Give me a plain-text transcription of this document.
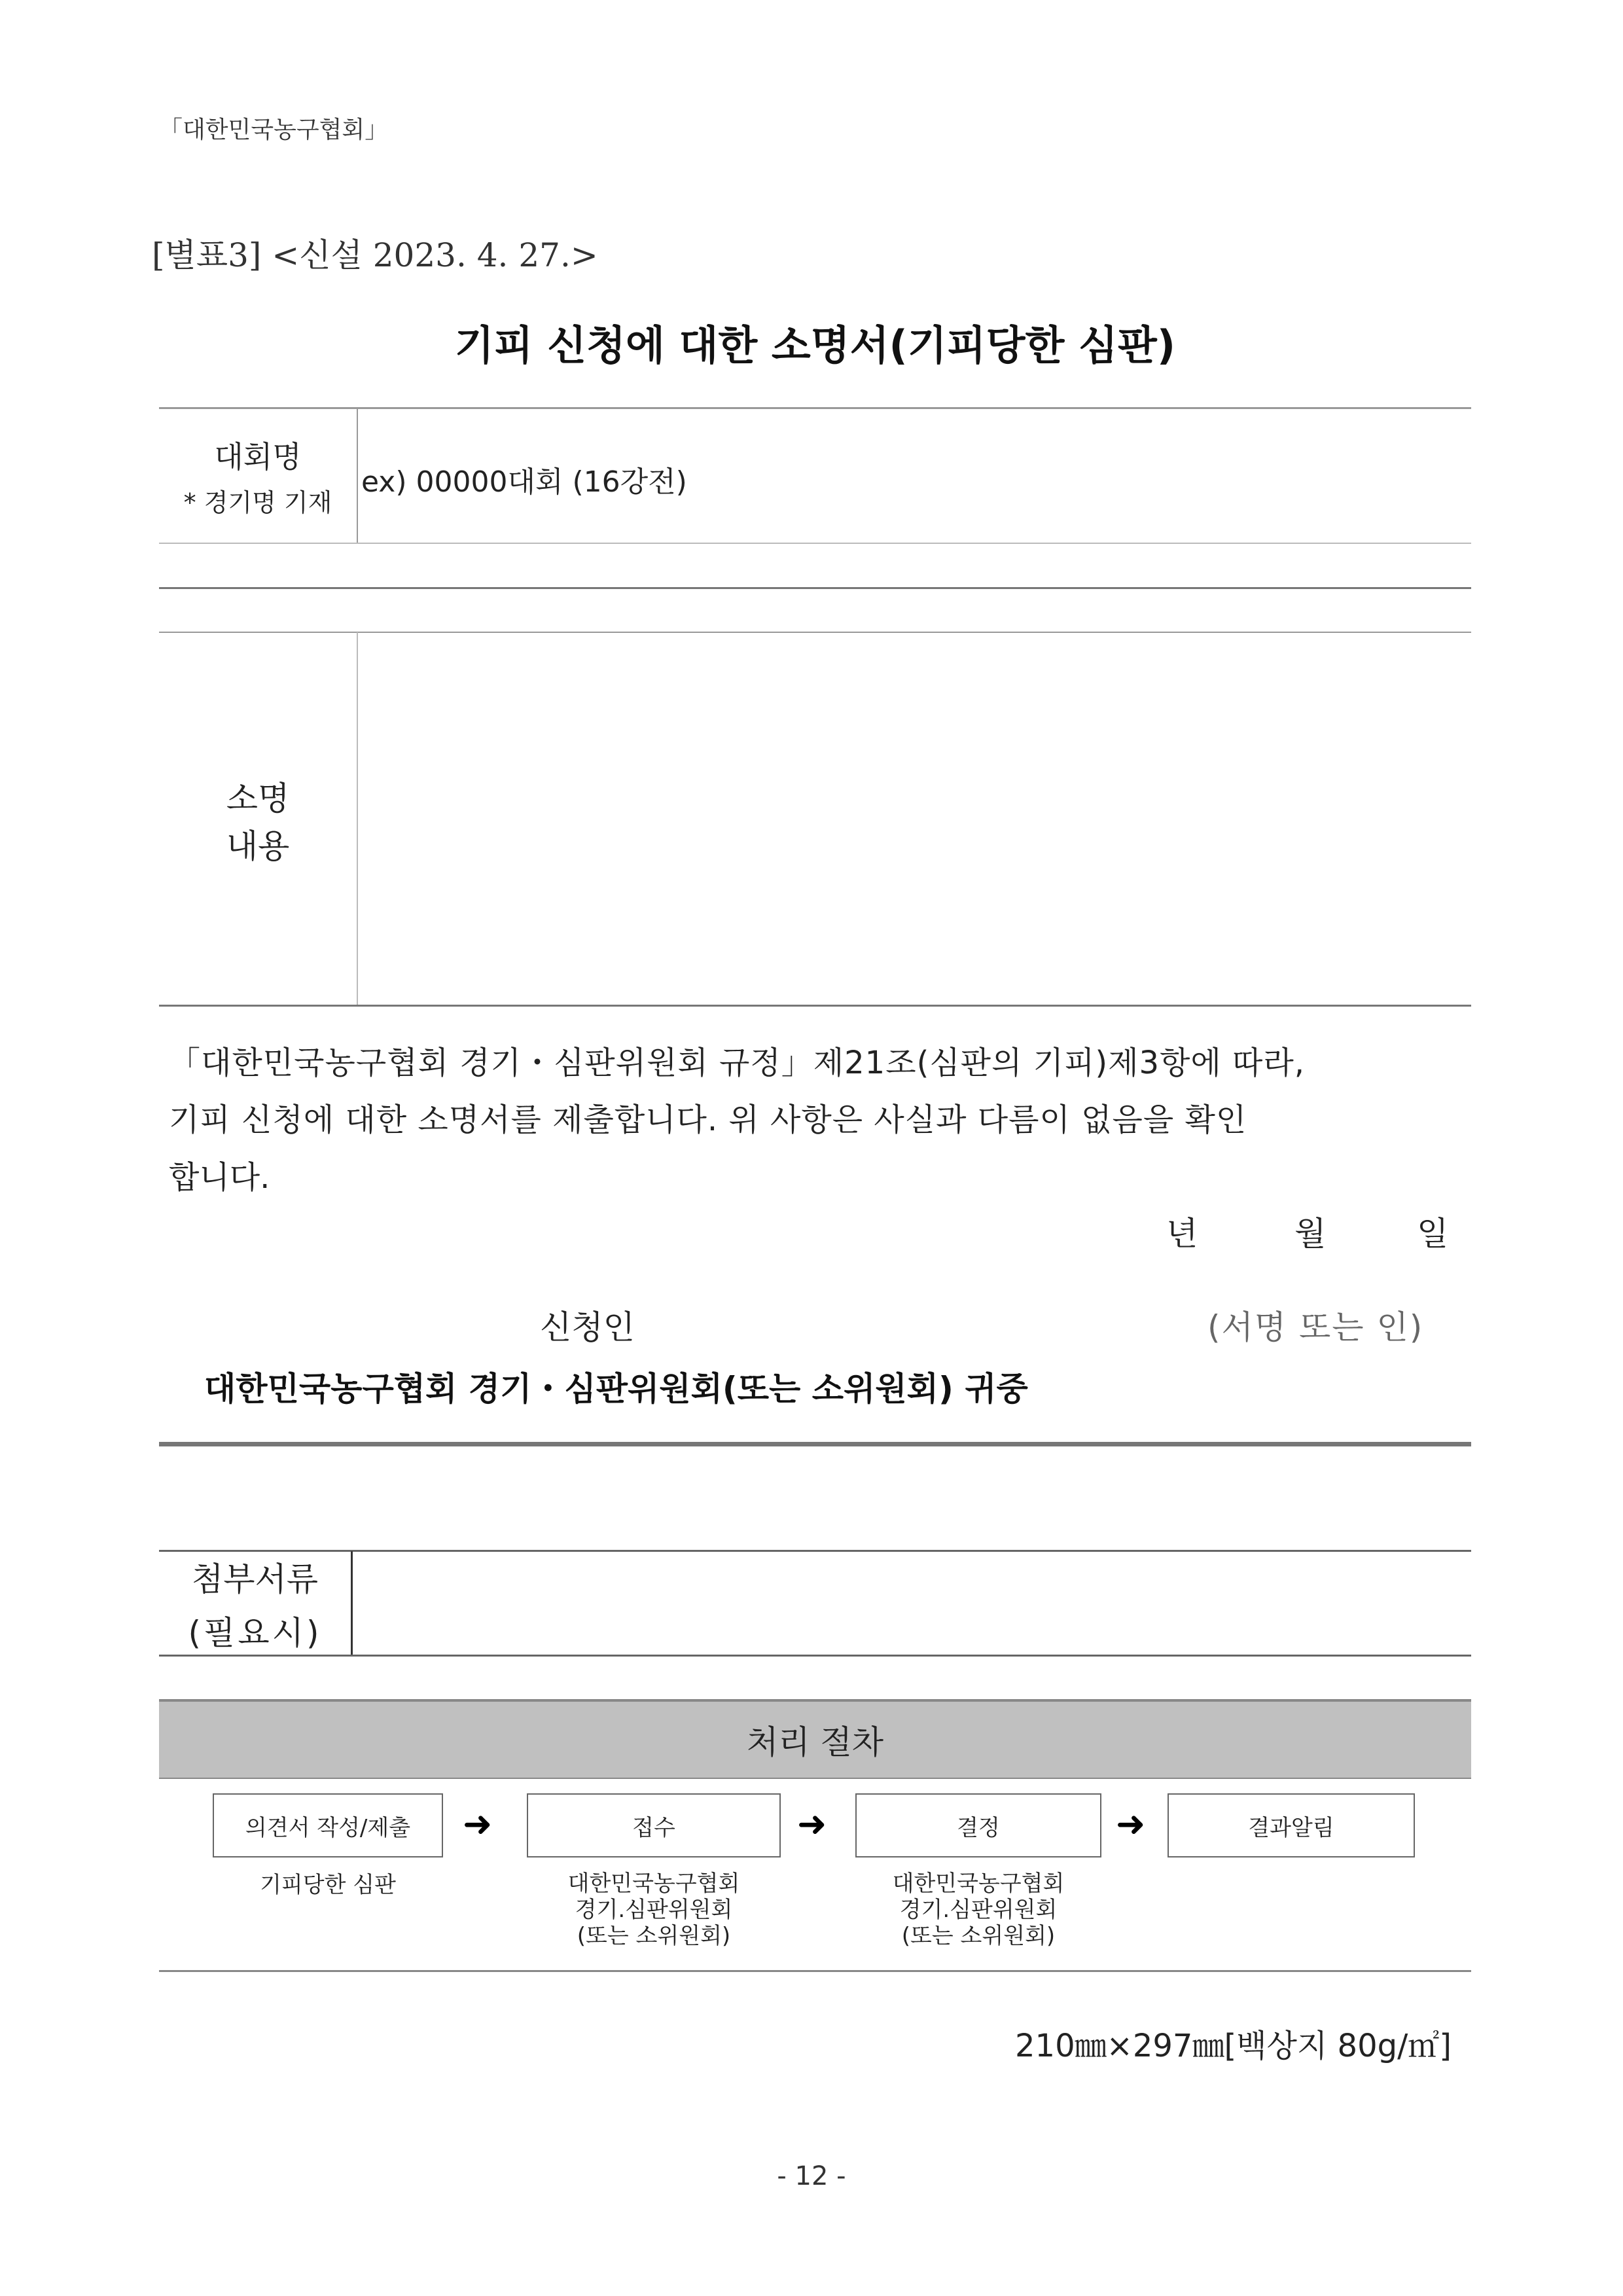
「대한민국농구협회」
[별표3] <신설 2023. 4. 27.>
기피 신청에 대한 소명서(기피당한 심판)
대회명
* 경기명 기재
ex) 00000대회 (16강전)
소명
내용
「대한민국농구협회 경기・심판위원회 규정」제21조(심판의 기피)제3항에 따라,
기피 신청에 대한 소명서를 제출합니다. 위 사항은 사실과 다름이 없음을 확인
합니다.
년	월	일
신청인	(서명 또는 인)
대한민국농구협회 경기・심판위원회(또는 소위원회) 귀중
첨부서류
(필요시)
처리 절차
의견서 작성/제출	➜	접수	➜	결정	➜	결과알림
기피당한 심판	대한민국농구협회
경기.심판위원회
(또는 소위원회)
대한민국농구협회
경기.심판위원회
(또는 소위원회)
210㎜×297㎜[백상지 80g/㎡]
- 12 -
